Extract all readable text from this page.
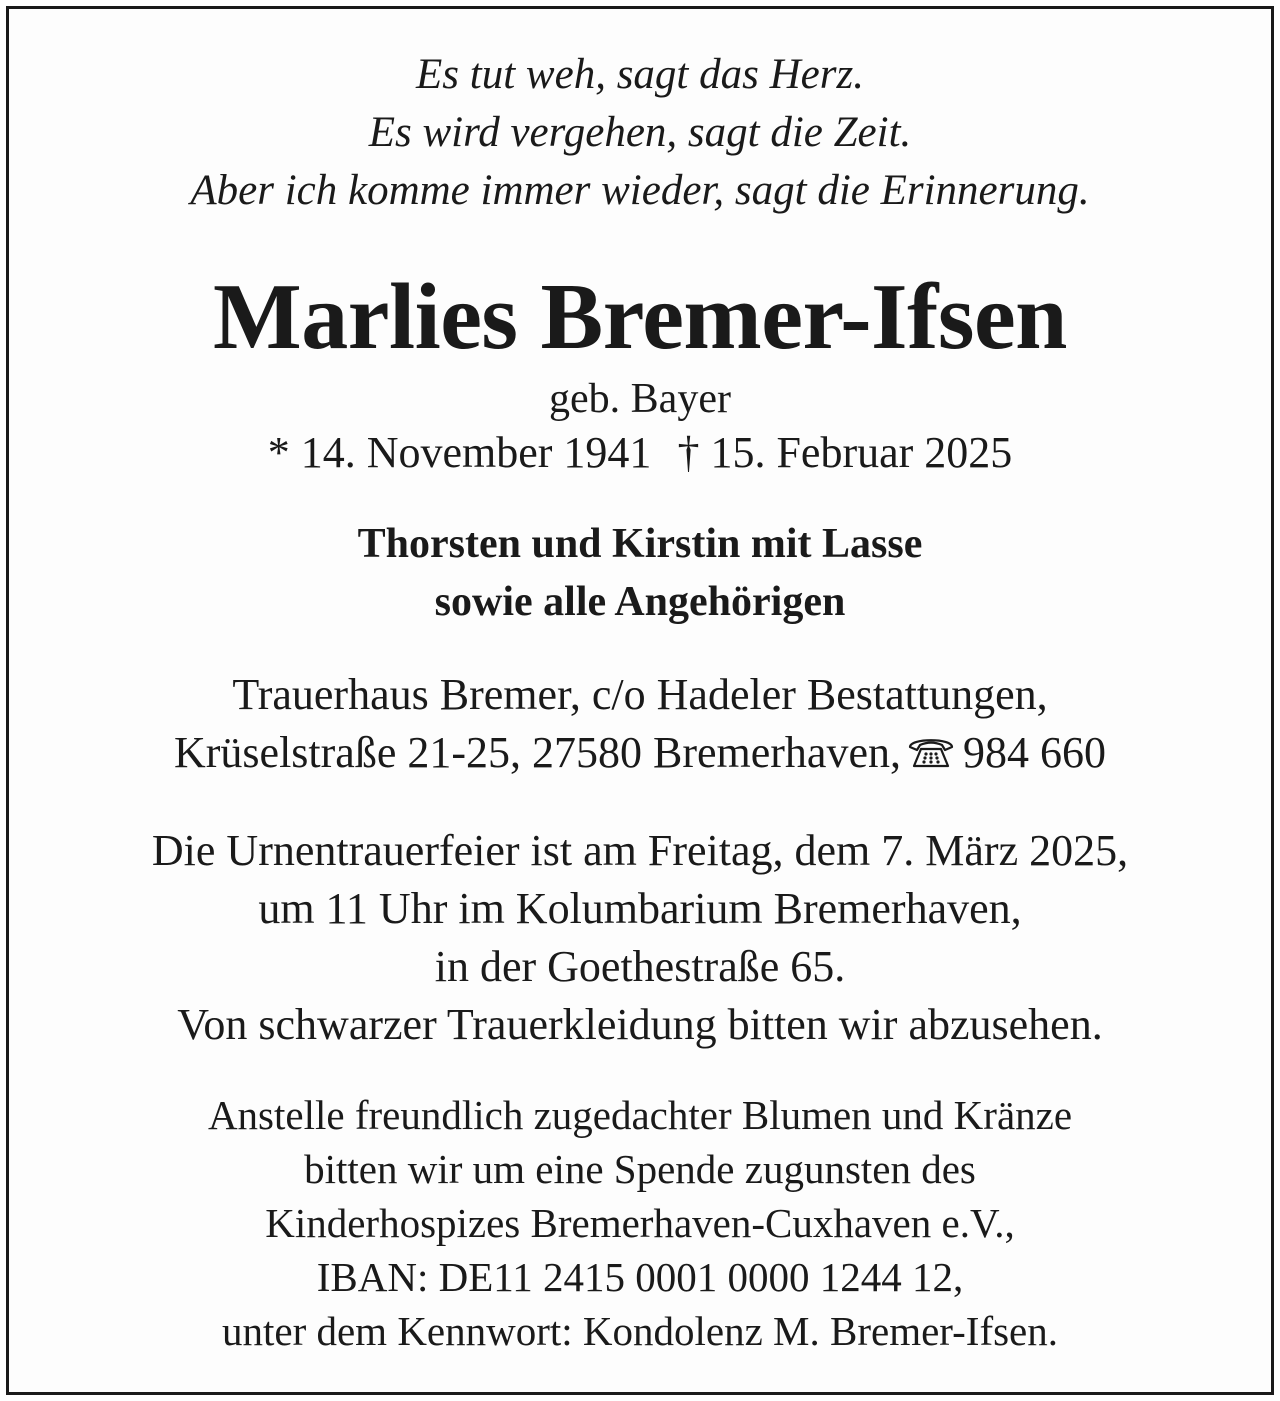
Es tut weh, sagt das Herz.
Es wird vergehen, sagt die Zeit.
Aber ich komme immer wieder, sagt die Erinnerung.
Marlies Bremer-Ifsen
geb. Bayer
* 14. November 1941 † 15. Februar 2025
Thorsten und Kirstin mit Lasse
sowie alle Angehörigen
Trauerhaus Bremer, c/o Hadeler Bestattungen,
Krüselstraße 21-25, 27580 Bremerhaven, 984 660
Die Urnentrauerfeier ist am Freitag, dem 7. März 2025,
um 11 Uhr im Kolumbarium Bremerhaven,
in der Goethestraße 65.
Von schwarzer Trauerkleidung bitten wir abzusehen.
Anstelle freundlich zugedachter Blumen und Kränze
bitten wir um eine Spende zugunsten des
Kinderhospizes Bremerhaven-Cuxhaven e.V.,
IBAN: DE11 2415 0001 0000 1244 12,
unter dem Kennwort: Kondolenz M. Bremer-Ifsen.
